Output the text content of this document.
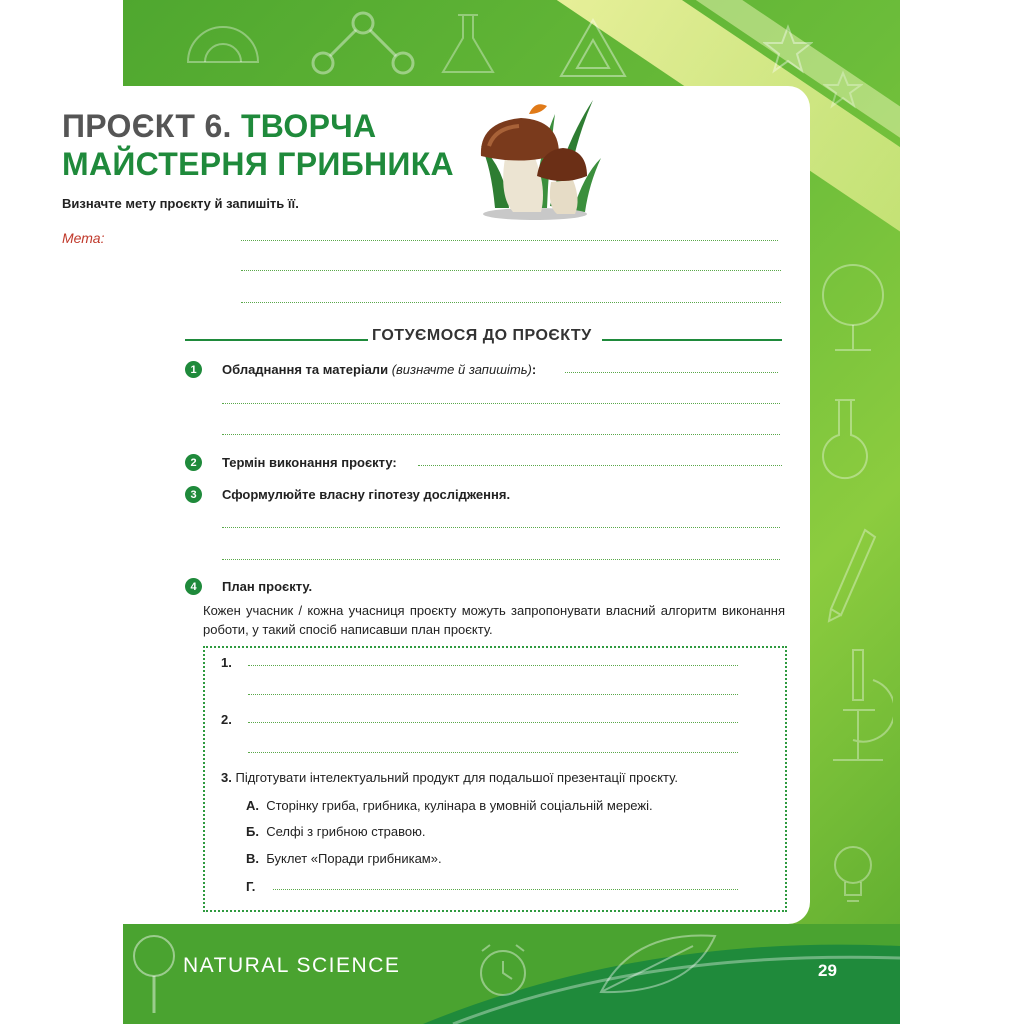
ПРОЄКТ 6. ТВОРЧА
МАЙСТЕРНЯ ГРИБНИКА
Визначте мету проєкту й запишіть її.
Мета:
ГОТУЄМОСЯ ДО ПРОЄКТУ
1	Обладнання та матеріали (визначте й запишіть):
2	Термін виконання проєкту:
3	Сформулюйте власну гіпотезу дослідження.
4	План проєкту.
Кожен учасник / кожна учасниця проєкту можуть запропонувати власний алгоритм виконання роботи, у такий спосіб написавши план проєкту.
1.
2.
3. Підготувати інтелектуальний продукт для подальшої презентації проєкту.
А. Сторінку гриба, грибника, кулінара в умовній соціальній мережі.
Б. Селфі з грибною стравою.
В. Буклет «Поради грибникам».
Г.
NATURAL SCIENCE	29
